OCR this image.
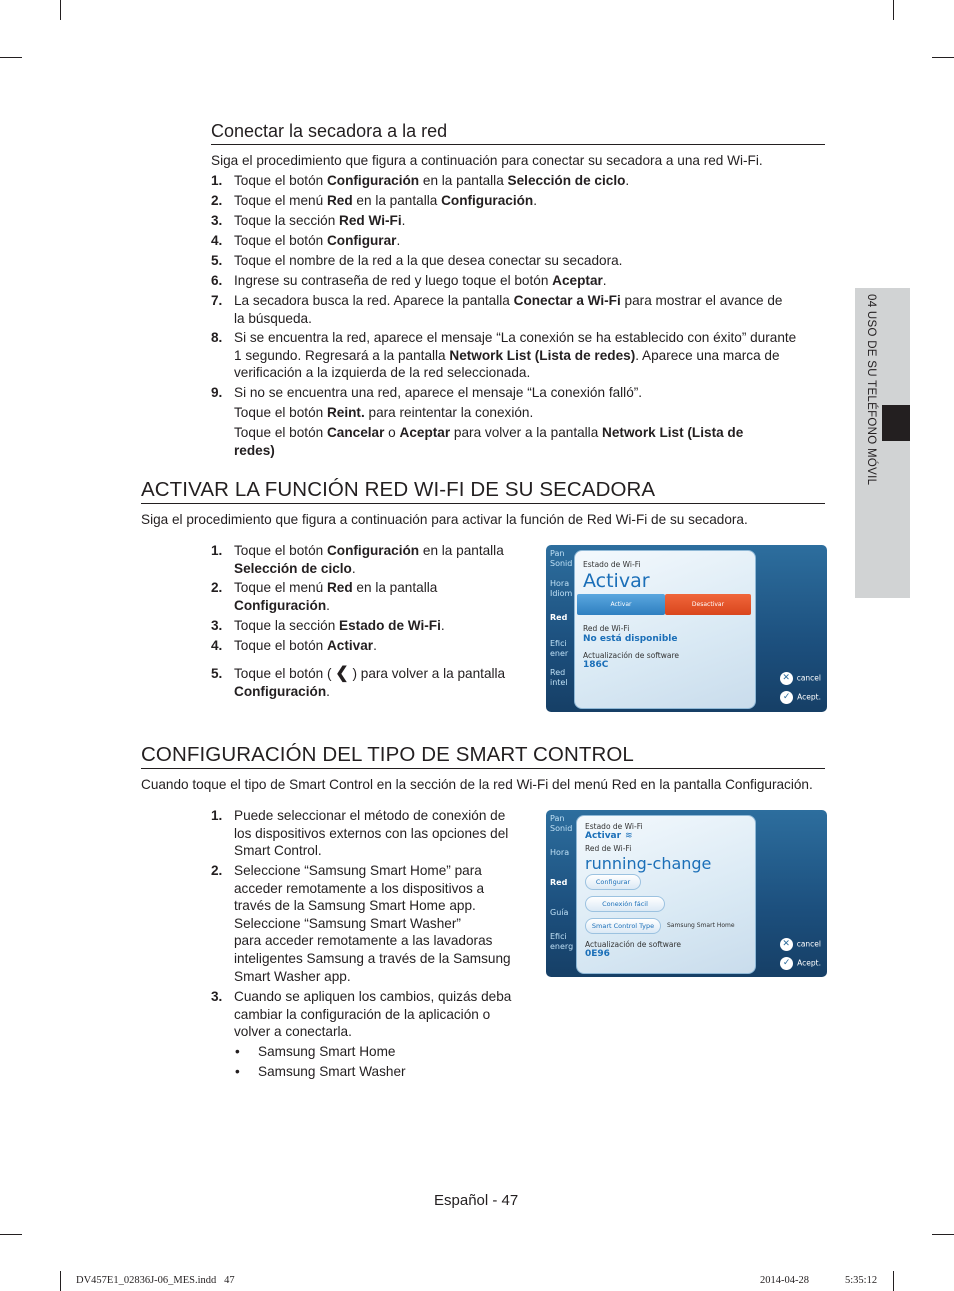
Conectar la secadora a la red
Siga el procedimiento que figura a continuación para conectar su secadora a una red Wi-Fi.
1. Toque el botón Configuración en la pantalla Selección de ciclo.
2. Toque el menú Red en la pantalla Configuración.
3. Toque la sección Red Wi-Fi.
4. Toque el botón Configurar.
5. Toque el nombre de la red a la que desea conectar su secadora.
6. Ingrese su contraseña de red y luego toque el botón Aceptar.
7. La secadora busca la red. Aparece la pantalla Conectar a Wi-Fi para mostrar el avance de
la búsqueda.
8. Si se encuentra la red, aparece el mensaje “La conexión se ha establecido con éxito” durante
1 segundo. Regresará a la pantalla Network List (Lista de redes). Aparece una marca de
verificación a la izquierda de la red seleccionada.
9. Si no se encuentra una red, aparece el mensaje “La conexión falló”.
Toque el botón Reint. para reintentar la conexión.
Toque el botón Cancelar o Aceptar para volver a la pantalla Network List (Lista de
redes)
ACTIVAR LA FUNCIÓN RED WI-FI DE SU SECADORA
Siga el procedimiento que figura a continuación para activar la función de Red Wi-Fi de su secadora.
1. Toque el botón Configuración en la pantalla
Selección de ciclo.
2. Toque el menú Red en la pantalla
Configuración.
3. Toque la sección Estado de Wi-Fi.
4. Toque el botón Activar.
5. Toque el botón ( ❮ ) para volver a la pantalla
Configuración.
Pan
Sonid
Hora
Idiom
Red
Efici
ener
Red
intel
Estado de Wi-Fi
Activar
Activar	Desactivar
Red de Wi-Fi
No está disponible
Actualización de software
186C
✕ cancel
✓ Acept.
CONFIGURACIÓN DEL TIPO DE SMART CONTROL
Cuando toque el tipo de Smart Control en la sección de la red Wi-Fi del menú Red en la pantalla Configuración.
1. Puede seleccionar el método de conexión de
los dispositivos externos con las opciones del
Smart Control.
2. Seleccione “Samsung Smart Home” para
acceder remotamente a los dispositivos a
través de la Samsung Smart Home app.
Seleccione “Samsung Smart Washer”
para acceder remotamente a las lavadoras
inteligentes Samsung a través de la Samsung
Smart Washer app.
3. Cuando se apliquen los cambios, quizás deba
cambiar la configuración de la aplicación o
volver a conectarla.
• Samsung Smart Home
• Samsung Smart Washer
Pan
Sonid
Hora
Red
Guía
Efici
energ
Estado de Wi-Fi
Activar ≋
Red de Wi-Fi
running-change
Configurar
Conexión fácil
Smart Control Type	Samsung Smart Home
Actualización de software
0E96
✕ cancel
✓ Acept.
04 USO DE SU TELÉFONO MÓVIL
Español - 47
DV457E1_02836J-06_MES.indd   47	2014-04-28	5:35:12
